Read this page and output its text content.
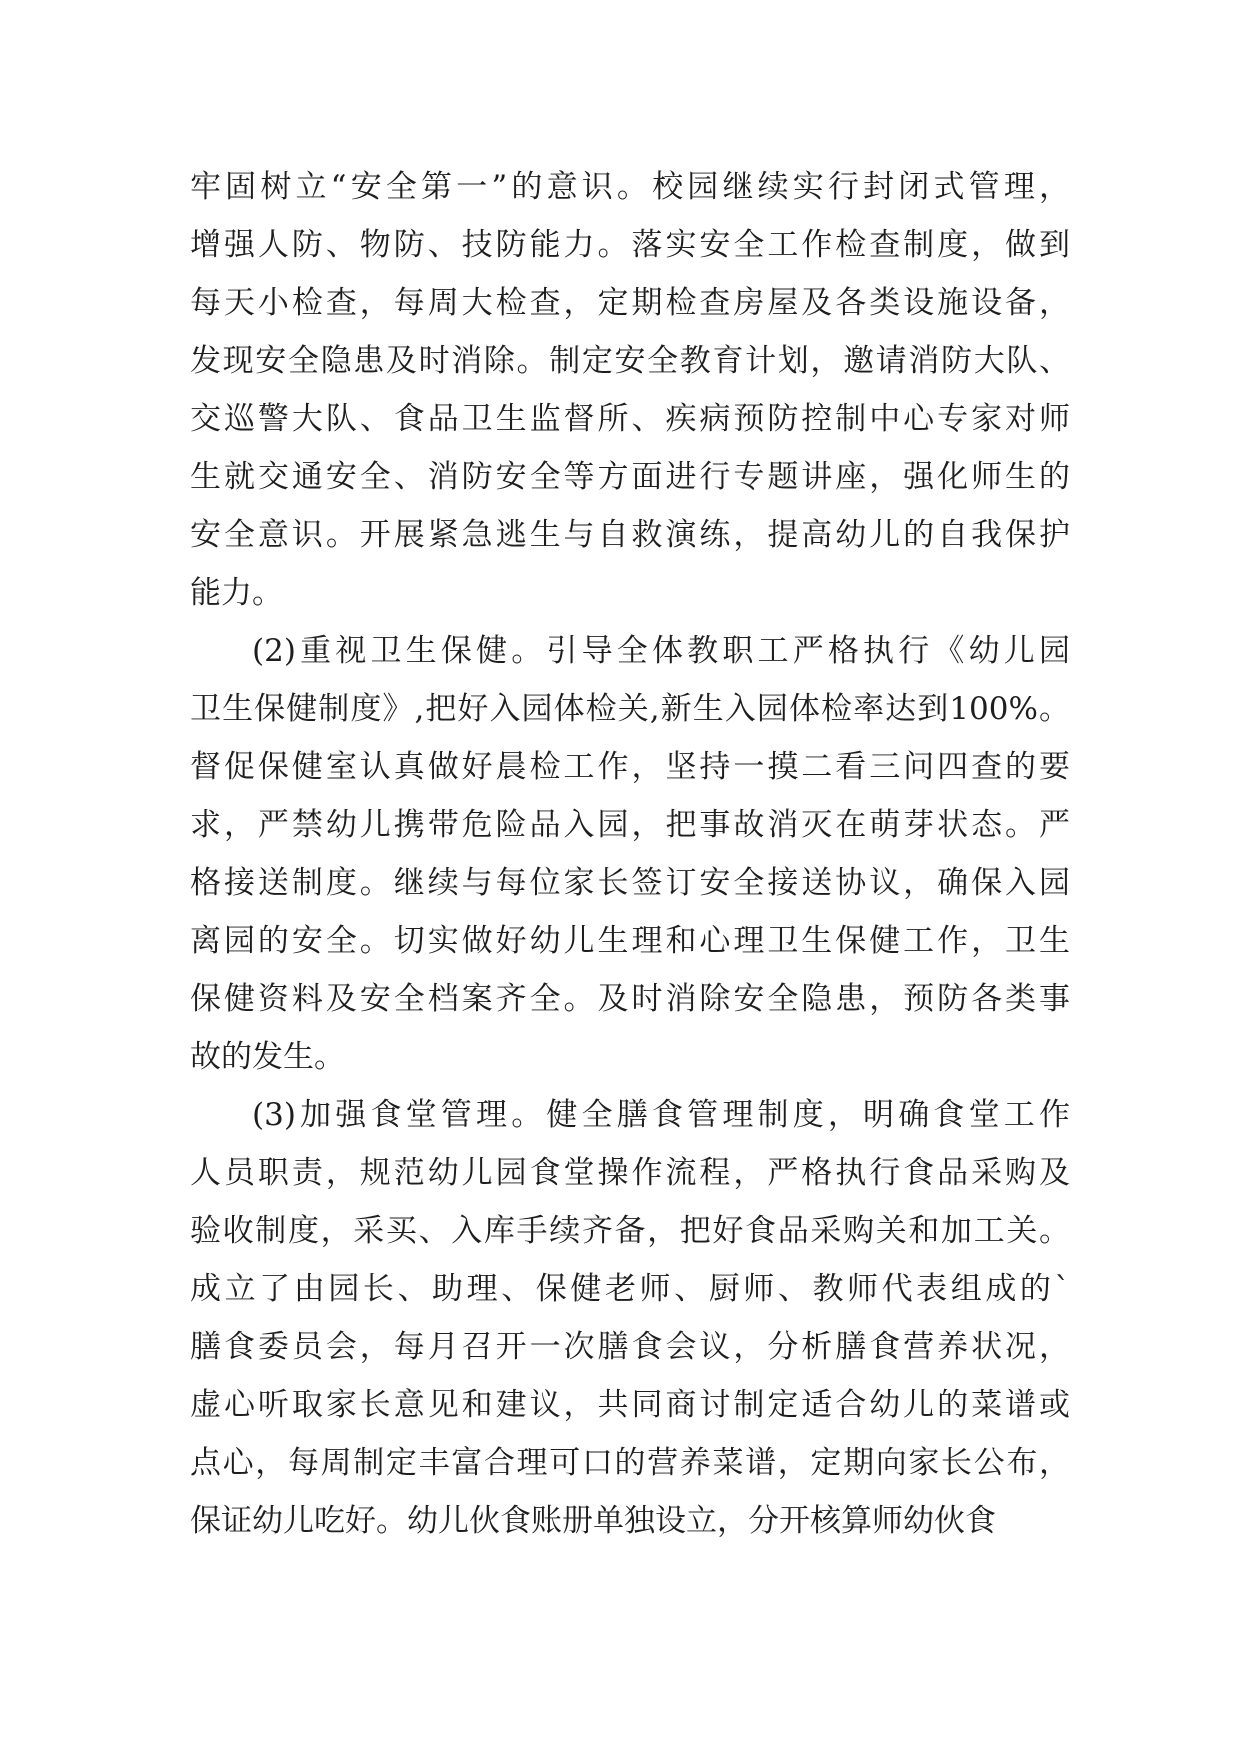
牢固树立“安全第一”的意识。校园继续实行封闭式管理，
增强人防、物防、技防能力。落实安全工作检查制度，做到
每天小检查，每周大检查，定期检查房屋及各类设施设备，
发现安全隐患及时消除。制定安全教育计划，邀请消防大队、
交巡警大队、食品卫生监督所、疾病预防控制中心专家对师
生就交通安全、消防安全等方面进行专题讲座，强化师生的
安全意识。开展紧急逃生与自救演练，提高幼儿的自我保护
能力。
(2)重视卫生保健。引导全体教职工严格执行《幼儿园
卫生保健制度》,把好入园体检关,新生入园体检率达到100%。
督促保健室认真做好晨检工作，坚持一摸二看三问四查的要
求，严禁幼儿携带危险品入园，把事故消灭在萌芽状态。严
格接送制度。继续与每位家长签订安全接送协议，确保入园
离园的安全。切实做好幼儿生理和心理卫生保健工作，卫生
保健资料及安全档案齐全。及时消除安全隐患，预防各类事
故的发生。
(3)加强食堂管理。健全膳食管理制度，明确食堂工作
人员职责，规范幼儿园食堂操作流程，严格执行食品采购及
验收制度，采买、入库手续齐备，把好食品采购关和加工关。
成立了由园长、助理、保健老师、厨师、教师代表组成的`
膳食委员会，每月召开一次膳食会议，分析膳食营养状况，
虚心听取家长意见和建议，共同商讨制定适合幼儿的菜谱或
点心，每周制定丰富合理可口的营养菜谱，定期向家长公布，
保证幼儿吃好。幼儿伙食账册单独设立，分开核算师幼伙食
